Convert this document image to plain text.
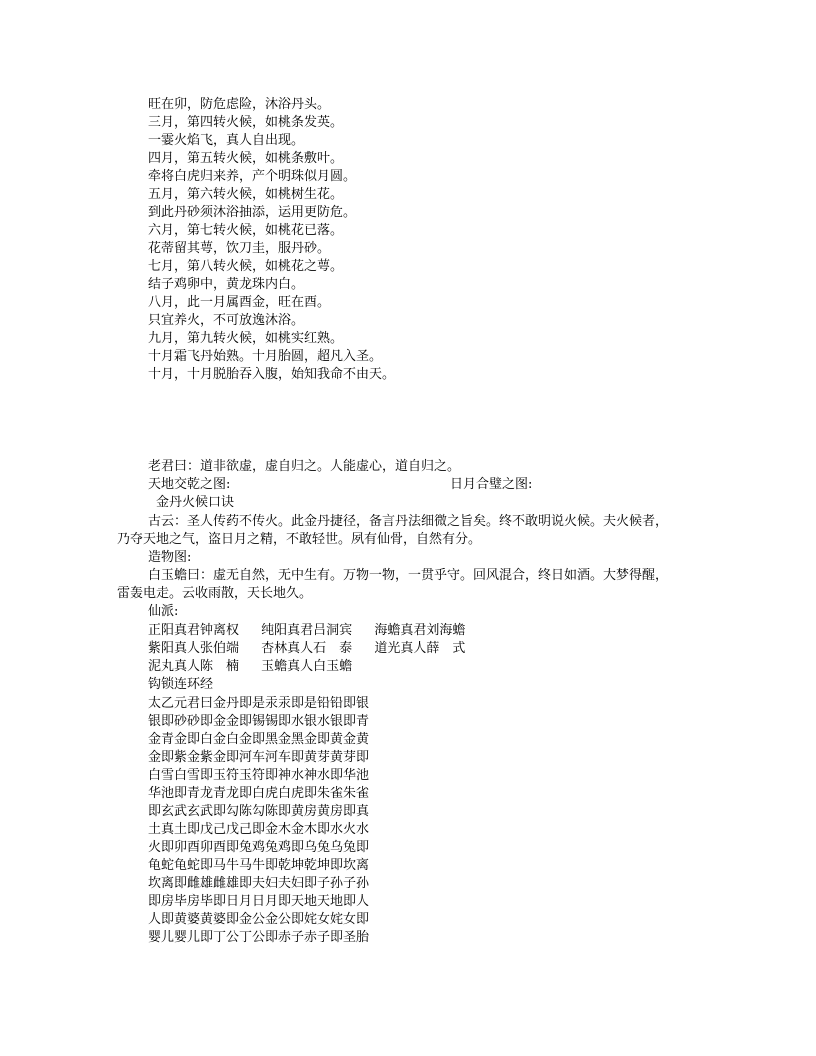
旺在卯，防危虑险，沐浴丹头。
三月，第四转火候，如桃条发英。
一霎火焰飞，真人自出现。
四月，第五转火候，如桃条敷叶。
牵将白虎归来养，产个明珠似月圆。
五月，第六转火候，如桃树生花。
到此丹砂须沐浴抽添，运用更防危。
六月，第七转火候，如桃花已落。
花蒂留其萼，饮刀圭，服丹砂。
七月，第八转火候，如桃花之萼。
结子鸡卵中，黄龙珠内白。
八月，此一月属酉金，旺在酉。
只宜养火，不可放逸沐浴。
九月，第九转火候，如桃实红熟。
十月霜飞丹始熟。十月胎圆，超凡入圣。
十月，十月脱胎吞入腹，始知我命不由天。
老君曰：道非欲虚，虚自归之。人能虚心，道自归之。
天地交乾之图:	日月合璧之图:
金丹火候口诀
古云：圣人传药不传火。此金丹捷径，备言丹法细微之旨矣。终不敢明说火候。夫火候者，
乃夺天地之气，盗日月之精，不敢轻世。夙有仙骨，自然有分。
造物图:
白玉蟾曰：虚无自然，无中生有。万物一物，一贯乎守。回风混合，终日如酒。大梦得醒，
雷轰电走。云收雨散，天长地久。
仙派:
正阳真君钟离权 纯阳真君吕洞宾 海蟾真君刘海蟾
紫阳真人张伯端 杏林真人石　泰 道光真人薛　式
泥丸真人陈　楠 玉蟾真人白玉蟾
钩锁连环经
太乙元君曰金丹即是汞汞即是铅铅即银
银即砂砂即金金即锡锡即水银水银即青
金青金即白金白金即黑金黑金即黄金黄
金即紫金紫金即河车河车即黄芽黄芽即
白雪白雪即玉符玉符即神水神水即华池
华池即青龙青龙即白虎白虎即朱雀朱雀
即玄武玄武即勾陈勾陈即黄房黄房即真
土真土即戊己戊己即金木金木即水火水
火即卯酉卯酉即兔鸡兔鸡即乌兔乌兔即
龟蛇龟蛇即马牛马牛即乾坤乾坤即坎离
坎离即雌雄雌雄即夫妇夫妇即子孙子孙
即房毕房毕即日月日月即天地天地即人
人即黄婆黄婆即金公金公即姹女姹女即
婴儿婴儿即丁公丁公即赤子赤子即圣胎
